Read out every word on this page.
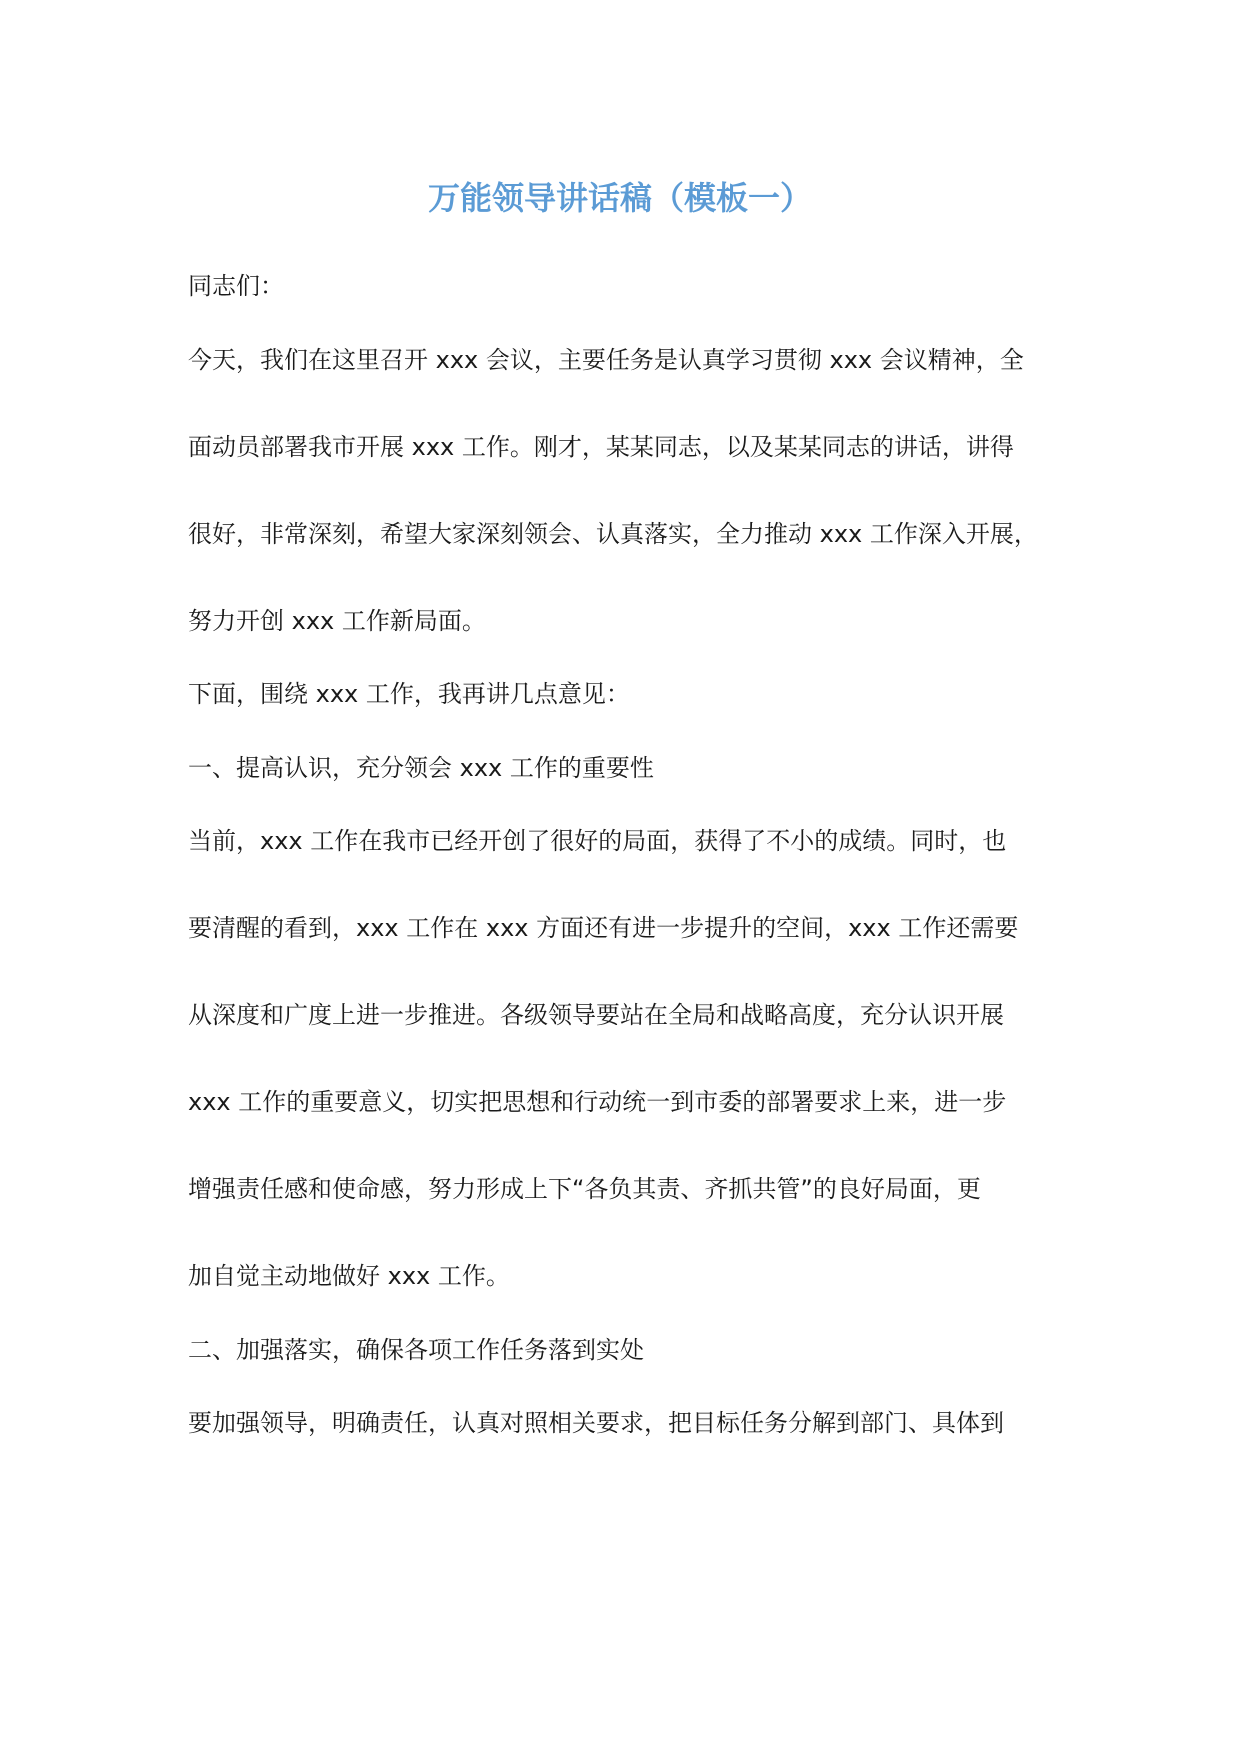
万能领导讲话稿（模板一）
同志们：
今天，我们在这里召开 xxx 会议，主要任务是认真学习贯彻 xxx 会议精神，全
面动员部署我市开展 xxx 工作。刚才，某某同志，以及某某同志的讲话，讲得
很好，非常深刻，希望大家深刻领会、认真落实，全力推动 xxx 工作深入开展，
努力开创 xxx 工作新局面。
下面，围绕 xxx 工作，我再讲几点意见：
一、提高认识，充分领会 xxx 工作的重要性
当前，xxx 工作在我市已经开创了很好的局面，获得了不小的成绩。同时，也
要清醒的看到，xxx 工作在 xxx 方面还有进一步提升的空间，xxx 工作还需要
从深度和广度上进一步推进。各级领导要站在全局和战略高度，充分认识开展
xxx 工作的重要意义，切实把思想和行动统一到市委的部署要求上来，进一步
增强责任感和使命感，努力形成上下“各负其责、齐抓共管”的良好局面，更
加自觉主动地做好 xxx 工作。
二、加强落实，确保各项工作任务落到实处
要加强领导，明确责任，认真对照相关要求，把目标任务分解到部门、具体到
